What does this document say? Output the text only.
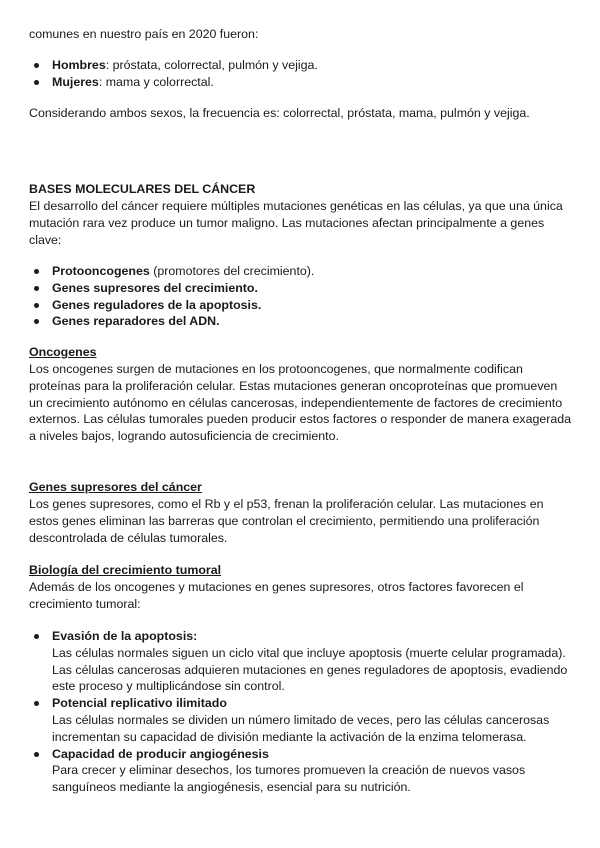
comunes en nuestro país en 2020 fueron:

Hombres: próstata, colorrectal, pulmón y vejiga.
Mujeres: mama y colorrectal.

Considerando ambos sexos, la frecuencia es: colorrectal, próstata, mama, pulmón y vejiga.

BASES MOLECULARES DEL CÁNCER

El desarrollo del cáncer requiere múltiples mutaciones genéticas en las células, ya que una única mutación rara vez produce un tumor maligno. Las mutaciones afectan principalmente a genes clave:

Protooncogenes (promotores del crecimiento).
Genes supresores del crecimiento.
Genes reguladores de la apoptosis.
Genes reparadores del ADN.

Oncogenes

Los oncogenes surgen de mutaciones en los protooncogenes, que normalmente codifican proteínas para la proliferación celular. Estas mutaciones generan oncoproteínas que promueven un crecimiento autónomo en células cancerosas, independientemente de factores de crecimiento externos. Las células tumorales pueden producir estos factores o responder de manera exagerada a niveles bajos, logrando autosuficiencia de crecimiento.

Genes supresores del cáncer

Los genes supresores, como el Rb y el p53, frenan la proliferación celular. Las mutaciones en estos genes eliminan las barreras que controlan el crecimiento, permitiendo una proliferación descontrolada de células tumorales.

Biología del crecimiento tumoral

Además de los oncogenes y mutaciones en genes supresores, otros factores favorecen el crecimiento tumoral:

Evasión de la apoptosis:
Las células normales siguen un ciclo vital que incluye apoptosis (muerte celular programada). Las células cancerosas adquieren mutaciones en genes reguladores de apoptosis, evadiendo este proceso y multiplicándose sin control.
Potencial replicativo ilimitado
Las células normales se dividen un número limitado de veces, pero las células cancerosas incrementan su capacidad de división mediante la activación de la enzima telomerasa.
Capacidad de producir angiogénesis
Para crecer y eliminar desechos, los tumores promueven la creación de nuevos vasos sanguíneos mediante la angiogénesis, esencial para su nutrición.
